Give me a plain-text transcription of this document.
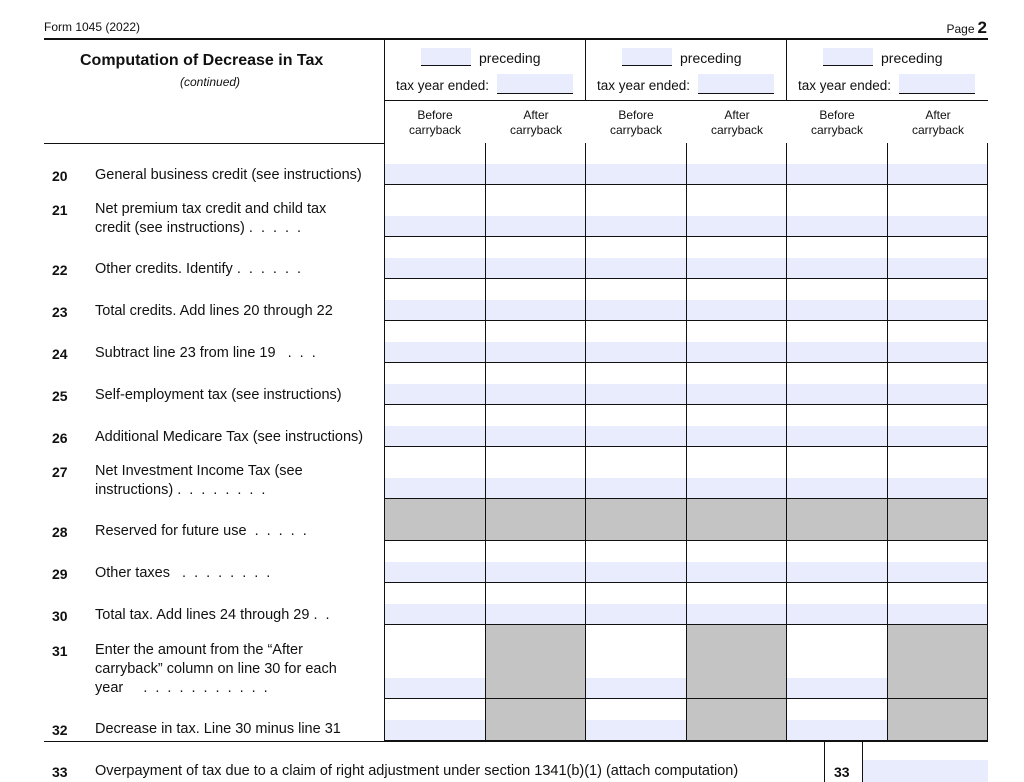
Form 1045 (2022)	Page 2
Computation of Decrease in Tax
(continued)
preceding
tax year ended:
preceding
tax year ended:
preceding
tax year ended:
Before
carryback
After
carryback
Before
carryback
After
carryback
Before
carryback
After
carryback
20 General business credit (see instructions)
21 Net premium tax credit and child tax
credit (see instructions) .....
22 Other credits. Identify ......
23 Total credits. Add lines 20 through 22
24 Subtract line 23 from line 19 ...
25 Self-employment tax (see instructions)
26 Additional Medicare Tax (see instructions)
27 Net Investment Income Tax (see
instructions) ........
28 Reserved for future use .....
29 Other taxes ........
30 Total tax. Add lines 24 through 29 ..
31 Enter the amount from the “After
carryback” column on line 30 for each
year ...........
32 Decrease in tax. Line 30 minus line 31
33 Overpayment of tax due to a claim of right adjustment under section 1341(b)(1) (attach computation)	33
